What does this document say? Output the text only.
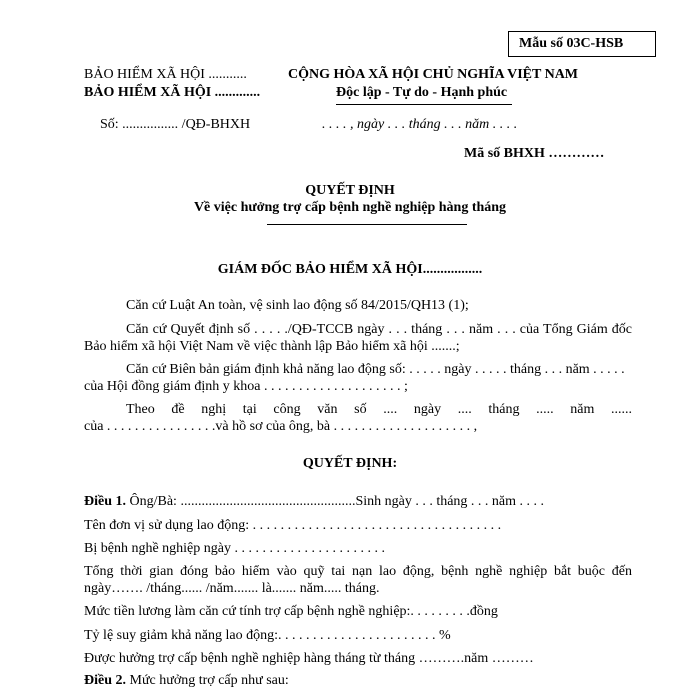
Mẫu số 03C-HSB
BẢO HIỂM XÃ HỘI ...........
BẢO HIỂM XÃ HỘI .............
Số: ................ /QĐ-BHXH
CỘNG HÒA XÃ HỘI CHỦ NGHĨA VIỆT NAM
Độc lập - Tự do - Hạnh phúc
. . . . , ngày . . . tháng . . . năm . . . .
Mã số BHXH …………
QUYẾT ĐỊNH
Về việc hưởng trợ cấp bệnh nghề nghiệp hàng tháng
GIÁM ĐỐC BẢO HIỂM XÃ HỘI.................
Căn cứ Luật An toàn, vệ sinh lao động số 84/2015/QH13 (1);
Căn cứ Quyết định số . . . . ./QĐ-TCCB ngày . . . tháng . . . năm . . . của Tổng Giám đốc
Bảo hiểm xã hội Việt Nam về việc thành lập Bảo hiểm xã hội .......;
Căn cứ Biên bản giám định khả năng lao động số: . . . . . ngày . . . . . tháng . . . năm . . . . .
của Hội đồng giám định y khoa . . . . . . . . . . . . . . . . . . . . ;
Theo đề nghị tại công văn số .... ngày .... tháng ..... năm ......
của . . . . . . . . . . . . . . . .và hồ sơ của ông, bà . . . . . . . . . . . . . . . . . . . . ,
QUYẾT ĐỊNH:
Điều 1. Ông/Bà: ..................................................Sinh ngày . . . tháng . . . năm . . . .
Tên đơn vị sử dụng lao động: . . . . . . . . . . . . . . . . . . . . . . . . . . . . . . . . . . . .
Bị bệnh nghề nghiệp ngày . . . . . . . . . . . . . . . . . . . . . .
Tổng thời gian đóng bảo hiểm vào quỹ tai nạn lao động, bệnh nghề nghiệp bắt buộc đến
ngày……. /tháng...... /năm....... là....... năm..... tháng.
Mức tiền lương làm căn cứ tính trợ cấp bệnh nghề nghiệp:. . . . . . . . .đồng
Tỷ lệ suy giảm khả năng lao động:. . . . . . . . . . . . . . . . . . . . . . . %
Được hưởng trợ cấp bệnh nghề nghiệp hàng tháng từ tháng ……….năm ………
Điều 2. Mức hưởng trợ cấp như sau:
